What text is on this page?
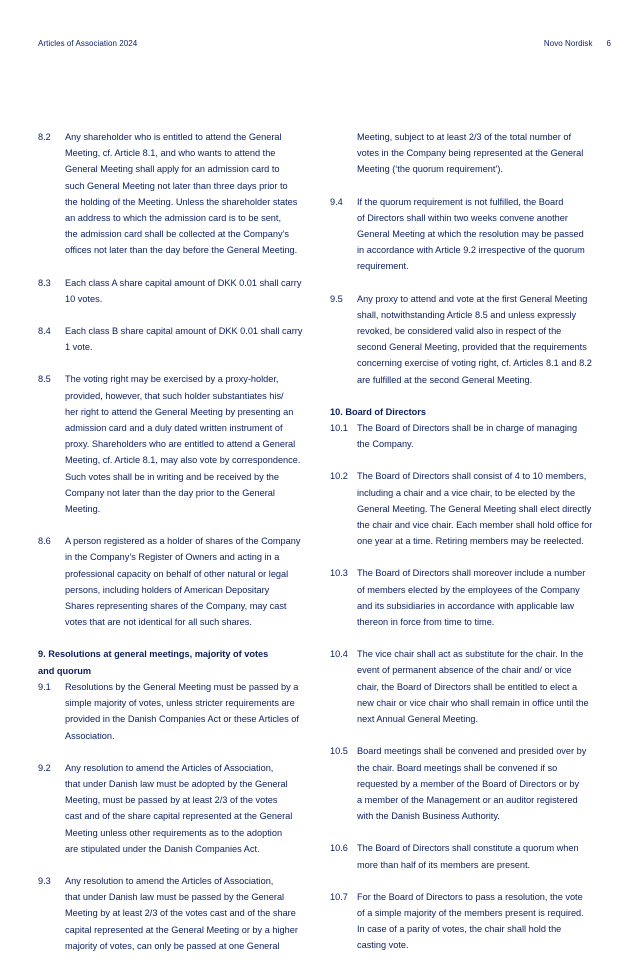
Articles of Association 2024	Novo Nordisk 6
8.2	Any shareholder who is entitled to attend the General
Meeting, cf. Article 8.1, and who wants to attend the
General Meeting shall apply for an admission card to
such General Meeting not later than three days prior to
the holding of the Meeting. Unless the shareholder states
an address to which the admission card is to be sent,
the admission card shall be collected at the Company’s
offices not later than the day before the General Meeting.
8.3	Each class A share capital amount of DKK 0.01 shall carry
10 votes.
8.4	Each class B share capital amount of DKK 0.01 shall carry
1 vote.
8.5	The voting right may be exercised by a proxy-holder,
provided, however, that such holder substantiates his/
her right to attend the General Meeting by presenting an
admission card and a duly dated written instrument of
proxy. Shareholders who are entitled to attend a General
Meeting, cf. Article 8.1, may also vote by correspondence.
Such votes shall be in writing and be received by the
Company not later than the day prior to the General
Meeting.
8.6	A person registered as a holder of shares of the Company
in the Company’s Register of Owners and acting in a
professional capacity on behalf of other natural or legal
persons, including holders of American Depositary
Shares representing shares of the Company, may cast
votes that are not identical for all such shares.
9. Resolutions at general meetings, majority of votes
and quorum
9.1	Resolutions by the General Meeting must be passed by a
simple majority of votes, unless stricter requirements are
provided in the Danish Companies Act or these Articles of
Association.
9.2	Any resolution to amend the Articles of Association,
that under Danish law must be adopted by the General
Meeting, must be passed by at least 2/3 of the votes
cast and of the share capital represented at the General
Meeting unless other requirements as to the adoption
are stipulated under the Danish Companies Act.
9.3	Any resolution to amend the Articles of Association,
that under Danish law must be passed by the General
Meeting by at least 2/3 of the votes cast and of the share
capital represented at the General Meeting or by a higher
majority of votes, can only be passed at one General
Meeting, subject to at least 2/3 of the total number of
votes in the Company being represented at the General
Meeting (‘the quorum requirement’).
9.4	If the quorum requirement is not fulfilled, the Board
of Directors shall within two weeks convene another
General Meeting at which the resolution may be passed
in accordance with Article 9.2 irrespective of the quorum
requirement.
9.5	Any proxy to attend and vote at the first General Meeting
shall, notwithstanding Article 8.5 and unless expressly
revoked, be considered valid also in respect of the
second General Meeting, provided that the requirements
concerning exercise of voting right, cf. Articles 8.1 and 8.2
are fulfilled at the second General Meeting.
10. Board of Directors
10.1 The Board of Directors shall be in charge of managing
the Company.
10.2 The Board of Directors shall consist of 4 to 10 members,
including a chair and a vice chair, to be elected by the
General Meeting. The General Meeting shall elect directly
the chair and vice chair. Each member shall hold office for
one year at a time. Retiring members may be reelected.
10.3 The Board of Directors shall moreover include a number
of members elected by the employees of the Company
and its subsidiaries in accordance with applicable law
thereon in force from time to time.
10.4 The vice chair shall act as substitute for the chair. In the
event of permanent absence of the chair and/ or vice
chair, the Board of Directors shall be entitled to elect a
new chair or vice chair who shall remain in office until the
next Annual General Meeting.
10.5 Board meetings shall be convened and presided over by
the chair. Board meetings shall be convened if so
requested by a member of the Board of Directors or by
a member of the Management or an auditor registered
with the Danish Business Authority.
10.6 The Board of Directors shall constitute a quorum when
more than half of its members are present.
10.7 For the Board of Directors to pass a resolution, the vote
of a simple majority of the members present is required.
In case of a parity of votes, the chair shall hold the
casting vote.
